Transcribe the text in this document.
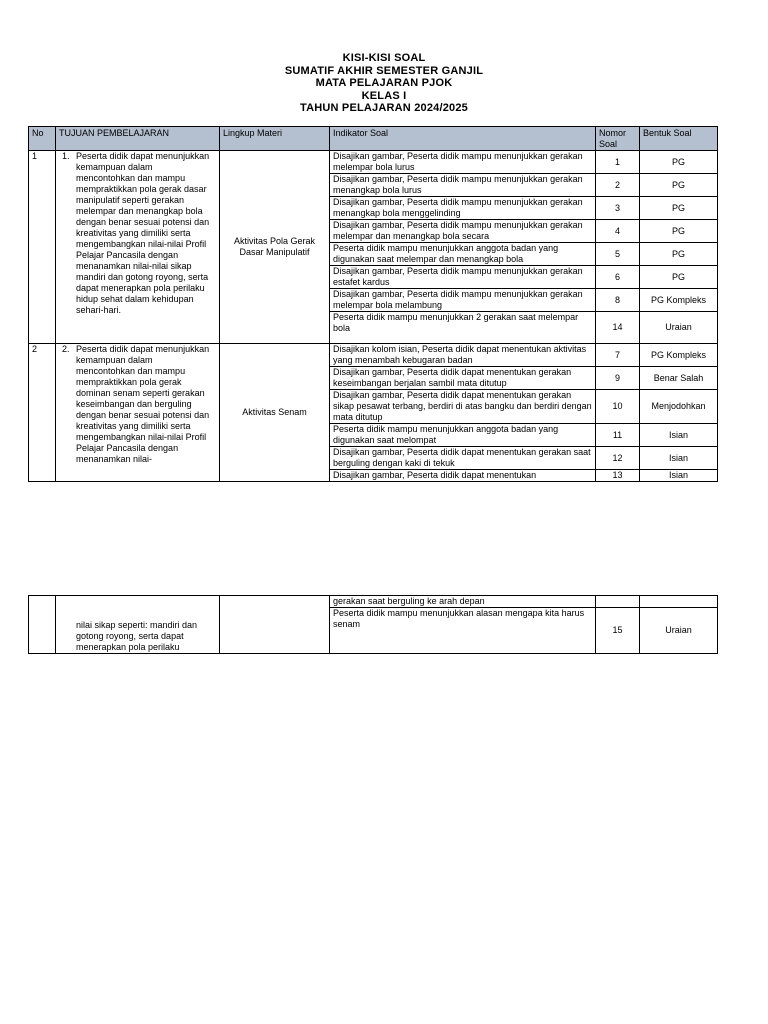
KISI-KISI SOAL
SUMATIF AKHIR SEMESTER GANJIL
MATA PELAJARAN PJOK
KELAS I
TAHUN PELAJARAN 2024/2025
No	TUJUAN PEMBELAJARAN	Lingkup Materi	Indikator Soal	Nomor Soal	Bentuk Soal
1	1. Peserta didik dapat menunjukkan kemampuan dalam mencontohkan dan mampu mempraktikkan pola gerak dasar manipulatif seperti gerakan melempar dan menangkap bola dengan benar sesuai potensi dan kreativitas yang dimiliki serta mengembangkan nilai-nilai Profil Pelajar Pancasila dengan menanamkan nilai-nilai sikap mandiri dan gotong royong, serta dapat menerapkan pola perilaku hidup sehat dalam kehidupan sehari-hari.	Aktivitas Pola Gerak Dasar Manipulatif	Disajikan gambar, Peserta didik mampu menunjukkan gerakan melempar bola lurus	1	PG
			Disajikan gambar, Peserta didik mampu menunjukkan gerakan menangkap bola lurus	2	PG
			Disajikan gambar, Peserta didik mampu menunjukkan gerakan menangkap bola menggelinding	3	PG
			Disajikan gambar, Peserta didik mampu menunjukkan gerakan melempar dan menangkap bola secara	4	PG
			Peserta didik mampu menunjukkan anggota badan yang digunakan saat melempar dan menangkap bola	5	PG
			Disajikan gambar, Peserta didik mampu menunjukkan gerakan estafet kardus	6	PG
			Disajikan gambar, Peserta didik mampu menunjukkan gerakan melempar bola melambung	8	PG Kompleks
			Peserta didik mampu menunjukkan 2 gerakan saat melempar bola	14	Uraian
2	2. Peserta didik dapat menunjukkan kemampuan dalam mencontohkan dan mampu mempraktikkan pola gerak dominan senam seperti gerakan keseimbangan dan berguling dengan benar sesuai potensi dan kreativitas yang dimiliki serta mengembangkan nilai-nilai Profil Pelajar Pancasila dengan menanamkan nilai-	Aktivitas Senam	Disajikan kolom isian, Peserta didik dapat menentukan aktivitas yang menambah kebugaran badan	7	PG Kompleks
			Disajikan gambar, Peserta didik dapat menentukan gerakan keseimbangan berjalan sambil mata ditutup	9	Benar Salah
			Disajikan gambar, Peserta didik dapat menentukan gerakan sikap pesawat terbang, berdiri di atas bangku dan berdiri dengan mata ditutup	10	Menjodohkan
			Peserta didik mampu menunjukkan anggota badan yang digunakan saat melompat	11	Isian
			Disajikan gambar, Peserta didik dapat menentukan gerakan saat berguling dengan kaki di tekuk	12	Isian
			Disajikan gambar, Peserta didik dapat menentukan	13	Isian

	nilai sikap seperti: mandiri dan gotong royong, serta dapat menerapkan pola perilaku		gerakan saat berguling ke arah depan		
			Peserta didik mampu menunjukkan alasan mengapa kita harus senam	15	Uraian
